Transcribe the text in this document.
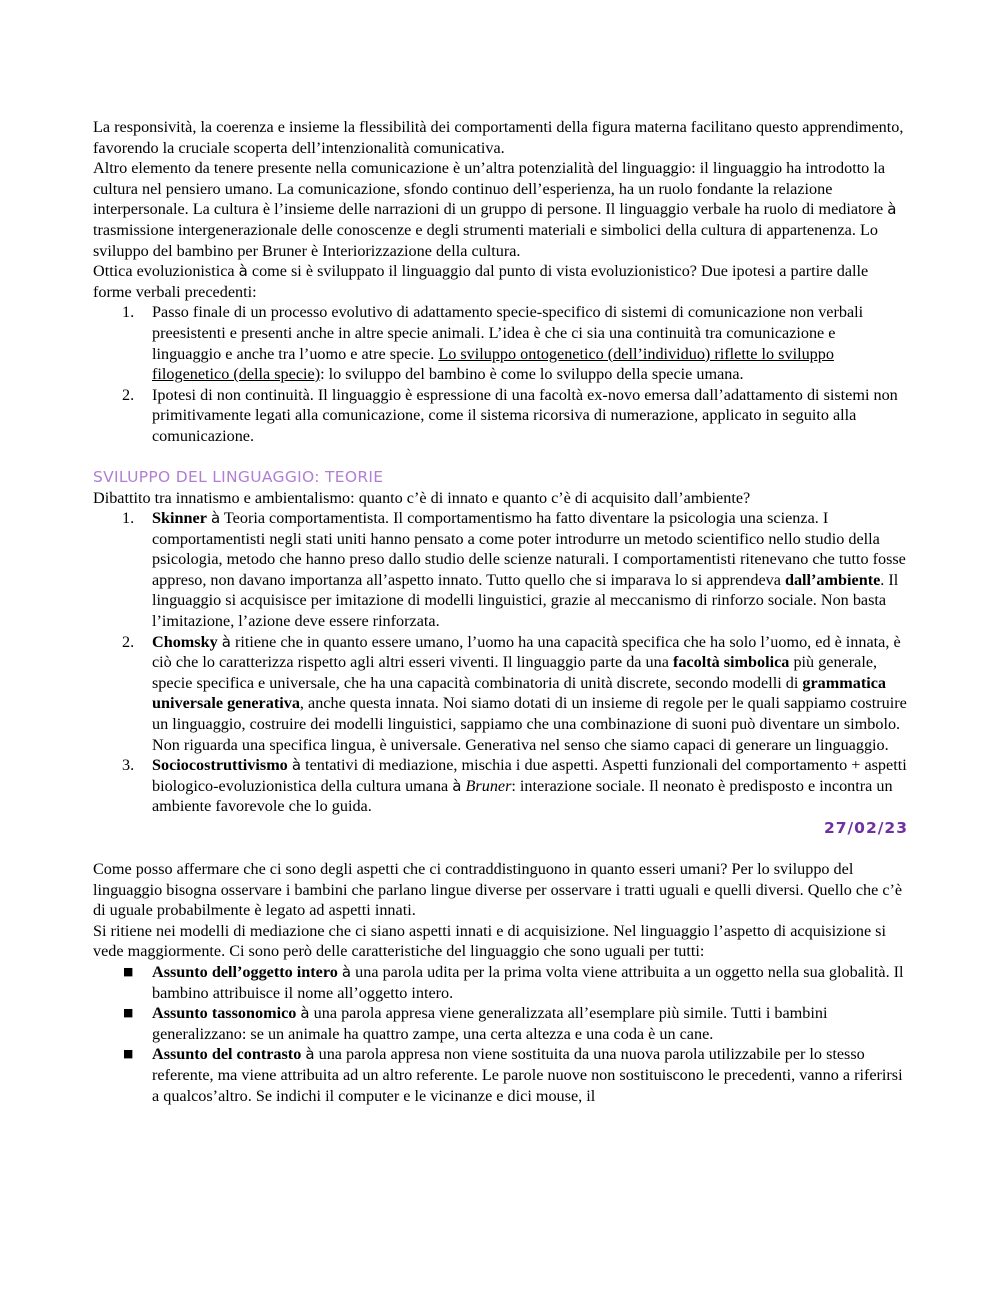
La responsività, la coerenza e insieme la flessibilità dei comportamenti della figura materna facilitano questo apprendimento, favorendo la cruciale scoperta dell’intenzionalità comunicativa.

Altro elemento da tenere presente nella comunicazione è un’altra potenzialità del linguaggio: il linguaggio ha introdotto la cultura nel pensiero umano. La comunicazione, sfondo continuo dell’esperienza, ha un ruolo fondante la relazione interpersonale. La cultura è l’insieme delle narrazioni di un gruppo di persone. Il linguaggio verbale ha ruolo di mediatore à trasmissione intergenerazionale delle conoscenze e degli strumenti materiali e simbolici della cultura di appartenenza. Lo sviluppo del bambino per Bruner è Interiorizzazione della cultura.

Ottica evoluzionistica à come si è sviluppato il linguaggio dal punto di vista evoluzionistico? Due ipotesi a partire dalle forme verbali precedenti:

1. Passo finale di un processo evolutivo di adattamento specie-specifico di sistemi di comunicazione non verbali preesistenti e presenti anche in altre specie animali. L’idea è che ci sia una continuità tra comunicazione e linguaggio e anche tra l’uomo e atre specie. Lo sviluppo ontogenetico (dell’individuo) riflette lo sviluppo filogenetico (della specie): lo sviluppo del bambino è come lo sviluppo della specie umana.
2. Ipotesi di non continuità. Il linguaggio è espressione di una facoltà ex-novo emersa dall’adattamento di sistemi non primitivamente legati alla comunicazione, come il sistema ricorsiva di numerazione, applicato in seguito alla comunicazione.
SVILUPPO DEL LINGUAGGIO: TEORIE

Dibattito tra innatismo e ambientalismo: quanto c’è di innato e quanto c’è di acquisito dall’ambiente?

1. Skinner à Teoria comportamentista. Il comportamentismo ha fatto diventare la psicologia una scienza. I comportamentisti negli stati uniti hanno pensato a come poter introdurre un metodo scientifico nello studio della psicologia, metodo che hanno preso dallo studio delle scienze naturali. I comportamentisti ritenevano che tutto fosse appreso, non davano importanza all’aspetto innato. Tutto quello che si imparava lo si apprendeva dall’ambiente. Il linguaggio si acquisisce per imitazione di modelli linguistici, grazie al meccanismo di rinforzo sociale. Non basta l’imitazione, l’azione deve essere rinforzata.
2. Chomsky à ritiene che in quanto essere umano, l’uomo ha una capacità specifica che ha solo l’uomo, ed è innata, è ciò che lo caratterizza rispetto agli altri esseri viventi. Il linguaggio parte da una facoltà simbolica più generale, specie specifica e universale, che ha una capacità combinatoria di unità discrete, secondo modelli di grammatica universale generativa, anche questa innata. Noi siamo dotati di un insieme di regole per le quali sappiamo costruire un linguaggio, costruire dei modelli linguistici, sappiamo che una combinazione di suoni può diventare un simbolo. Non riguarda una specifica lingua, è universale. Generativa nel senso che siamo capaci di generare un linguaggio.
3. Sociocostruttivismo à tentativi di mediazione, mischia i due aspetti. Aspetti funzionali del comportamento + aspetti biologico-evoluzionistica della cultura umana à Bruner: interazione sociale. Il neonato è predisposto e incontra un ambiente favorevole che lo guida.
27/02/23

Come posso affermare che ci sono degli aspetti che ci contraddistinguono in quanto esseri umani? Per lo sviluppo del linguaggio bisogna osservare i bambini che parlano lingue diverse per osservare i tratti uguali e quelli diversi. Quello che c’è di uguale probabilmente è legato ad aspetti innati.

Si ritiene nei modelli di mediazione che ci siano aspetti innati e di acquisizione. Nel linguaggio l’aspetto di acquisizione si vede maggiormente. Ci sono però delle caratteristiche del linguaggio che sono uguali per tutti:

■ Assunto dell’oggetto intero à una parola udita per la prima volta viene attribuita a un oggetto nella sua globalità. Il bambino attribuisce il nome all’oggetto intero.
■ Assunto tassonomico à una parola appresa viene generalizzata all’esemplare più simile. Tutti i bambini generalizzano: se un animale ha quattro zampe, una certa altezza e una coda è un cane.
■ Assunto del contrasto à una parola appresa non viene sostituita da una nuova parola utilizzabile per lo stesso referente, ma viene attribuita ad un altro referente. Le parole nuove non sostituiscono le precedenti, vanno a riferirsi a qualcos’altro. Se indichi il computer e le vicinanze e dici mouse, il
